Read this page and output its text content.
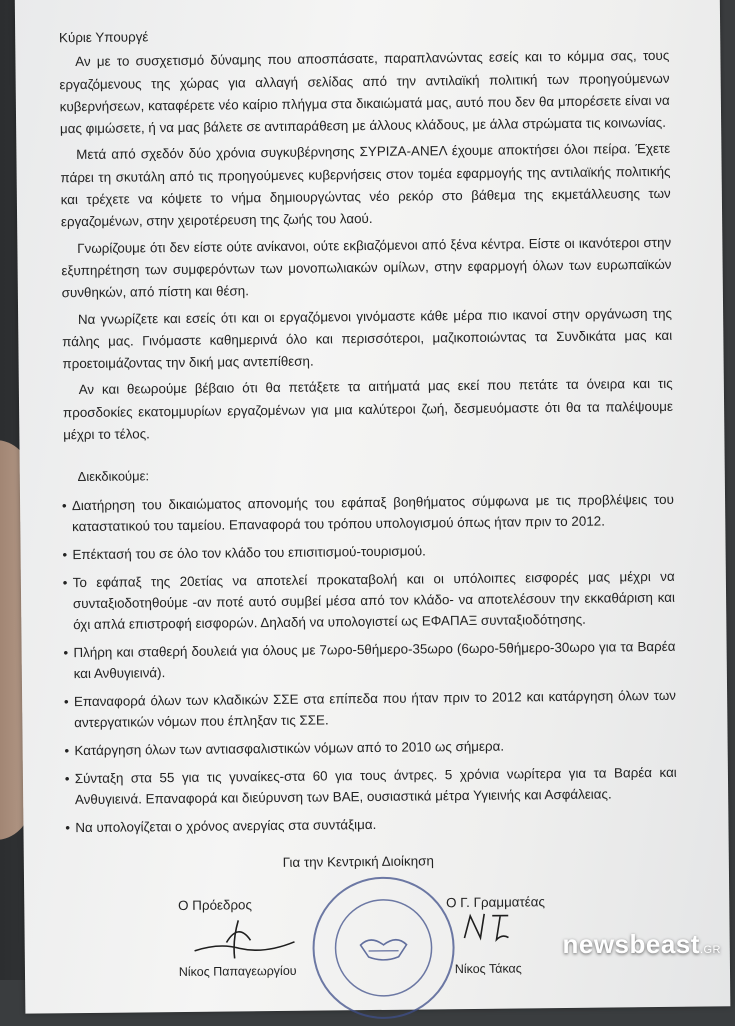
Κύριε Υπουργέ

Αν με το συσχετισμό δύναμης που αποσπάσατε, παραπλανώντας εσείς και το κόμμα σας, τους εργαζόμενους της χώρας για αλλαγή σελίδας από την αντιλαϊκή πολιτική των προηγούμενων κυβερνήσεων, καταφέρετε νέο καίριο πλήγμα στα δικαιώματά μας, αυτό που δεν θα μπορέσετε είναι να μας φιμώσετε, ή να μας βάλετε σε αντιπαράθεση με άλλους κλάδους, με άλλα στρώματα τις κοινωνίας.

Μετά από σχεδόν δύο χρόνια συγκυβέρνησης ΣΥΡΙΖΑ-ΑΝΕΛ έχουμε αποκτήσει όλοι πείρα. Έχετε πάρει τη σκυτάλη από τις προηγούμενες κυβερνήσεις στον τομέα εφαρμογής της αντιλαϊκής πολιτικής και τρέχετε να κόψετε το νήμα δημιουργώντας νέο ρεκόρ στο βάθεμα της εκμετάλλευσης των εργαζομένων, στην χειροτέρευση της ζωής του λαού.

Γνωρίζουμε ότι δεν είστε ούτε ανίκανοι, ούτε εκβιαζόμενοι από ξένα κέντρα. Είστε οι ικανότεροι στην εξυπηρέτηση των συμφερόντων των μονοπωλιακών ομίλων, στην εφαρμογή όλων των ευρωπαϊκών συνθηκών, από πίστη και θέση.

Να γνωρίζετε και εσείς ότι και οι εργαζόμενοι γινόμαστε κάθε μέρα πιο ικανοί στην οργάνωση της πάλης μας. Γινόμαστε καθημερινά όλο και περισσότεροι, μαζικοποιώντας τα Συνδικάτα μας και προετοιμάζοντας την δική μας αντεπίθεση.

Αν και θεωρούμε βέβαιο ότι θα πετάξετε τα αιτήματά μας εκεί που πετάτε τα όνειρα και τις προσδοκίες εκατομμυρίων εργαζομένων για μια καλύτεροι ζωή, δεσμευόμαστε ότι θα τα παλέψουμε μέχρι το τέλος.

Διεκδικούμε:
• Διατήρηση του δικαιώματος απονομής του εφάπαξ βοηθήματος σύμφωνα με τις προβλέψεις του καταστατικού του ταμείου. Επαναφορά του τρόπου υπολογισμού όπως ήταν πριν το 2012.
• Επέκτασή του σε όλο τον κλάδο του επισιτισμού-τουρισμού.
• Το εφάπαξ της 20ετίας να αποτελεί προκαταβολή και οι υπόλοιπες εισφορές μας μέχρι να συνταξιοδοτηθούμε -αν ποτέ αυτό συμβεί μέσα από τον κλάδο- να αποτελέσουν την εκκαθάριση και όχι απλά επιστροφή εισφορών. Δηλαδή να υπολογιστεί ως ΕΦΑΠΑΞ συνταξιοδότησης.
• Πλήρη και σταθερή δουλειά για όλους με 7ωρο-5θήμερο-35ωρο (6ωρο-5θήμερο-30ωρο για τα Βαρέα και Ανθυγιεινά).
• Επαναφορά όλων των κλαδικών ΣΣΕ στα επίπεδα που ήταν πριν το 2012 και κατάργηση όλων των αντεργατικών νόμων που έπληξαν τις ΣΣΕ.
• Κατάργηση όλων των αντιασφαλιστικών νόμων από το 2010 ως σήμερα.
• Σύνταξη στα 55 για τις γυναίκες-στα 60 για τους άντρες. 5 χρόνια νωρίτερα για τα Βαρέα και Ανθυγιεινά. Επαναφορά και διεύρυνση των ΒΑΕ, ουσιαστικά μέτρα Υγιεινής και Ασφάλειας.
• Να υπολογίζεται ο χρόνος ανεργίας στα συντάξιμα.
Για την Κεντρική Διοίκηση
Ο Πρόεδρος	Ο Γ. Γραμματέας
Νίκος Παπαγεωργίου	Νίκος Τάκας
newsbeast.GR
